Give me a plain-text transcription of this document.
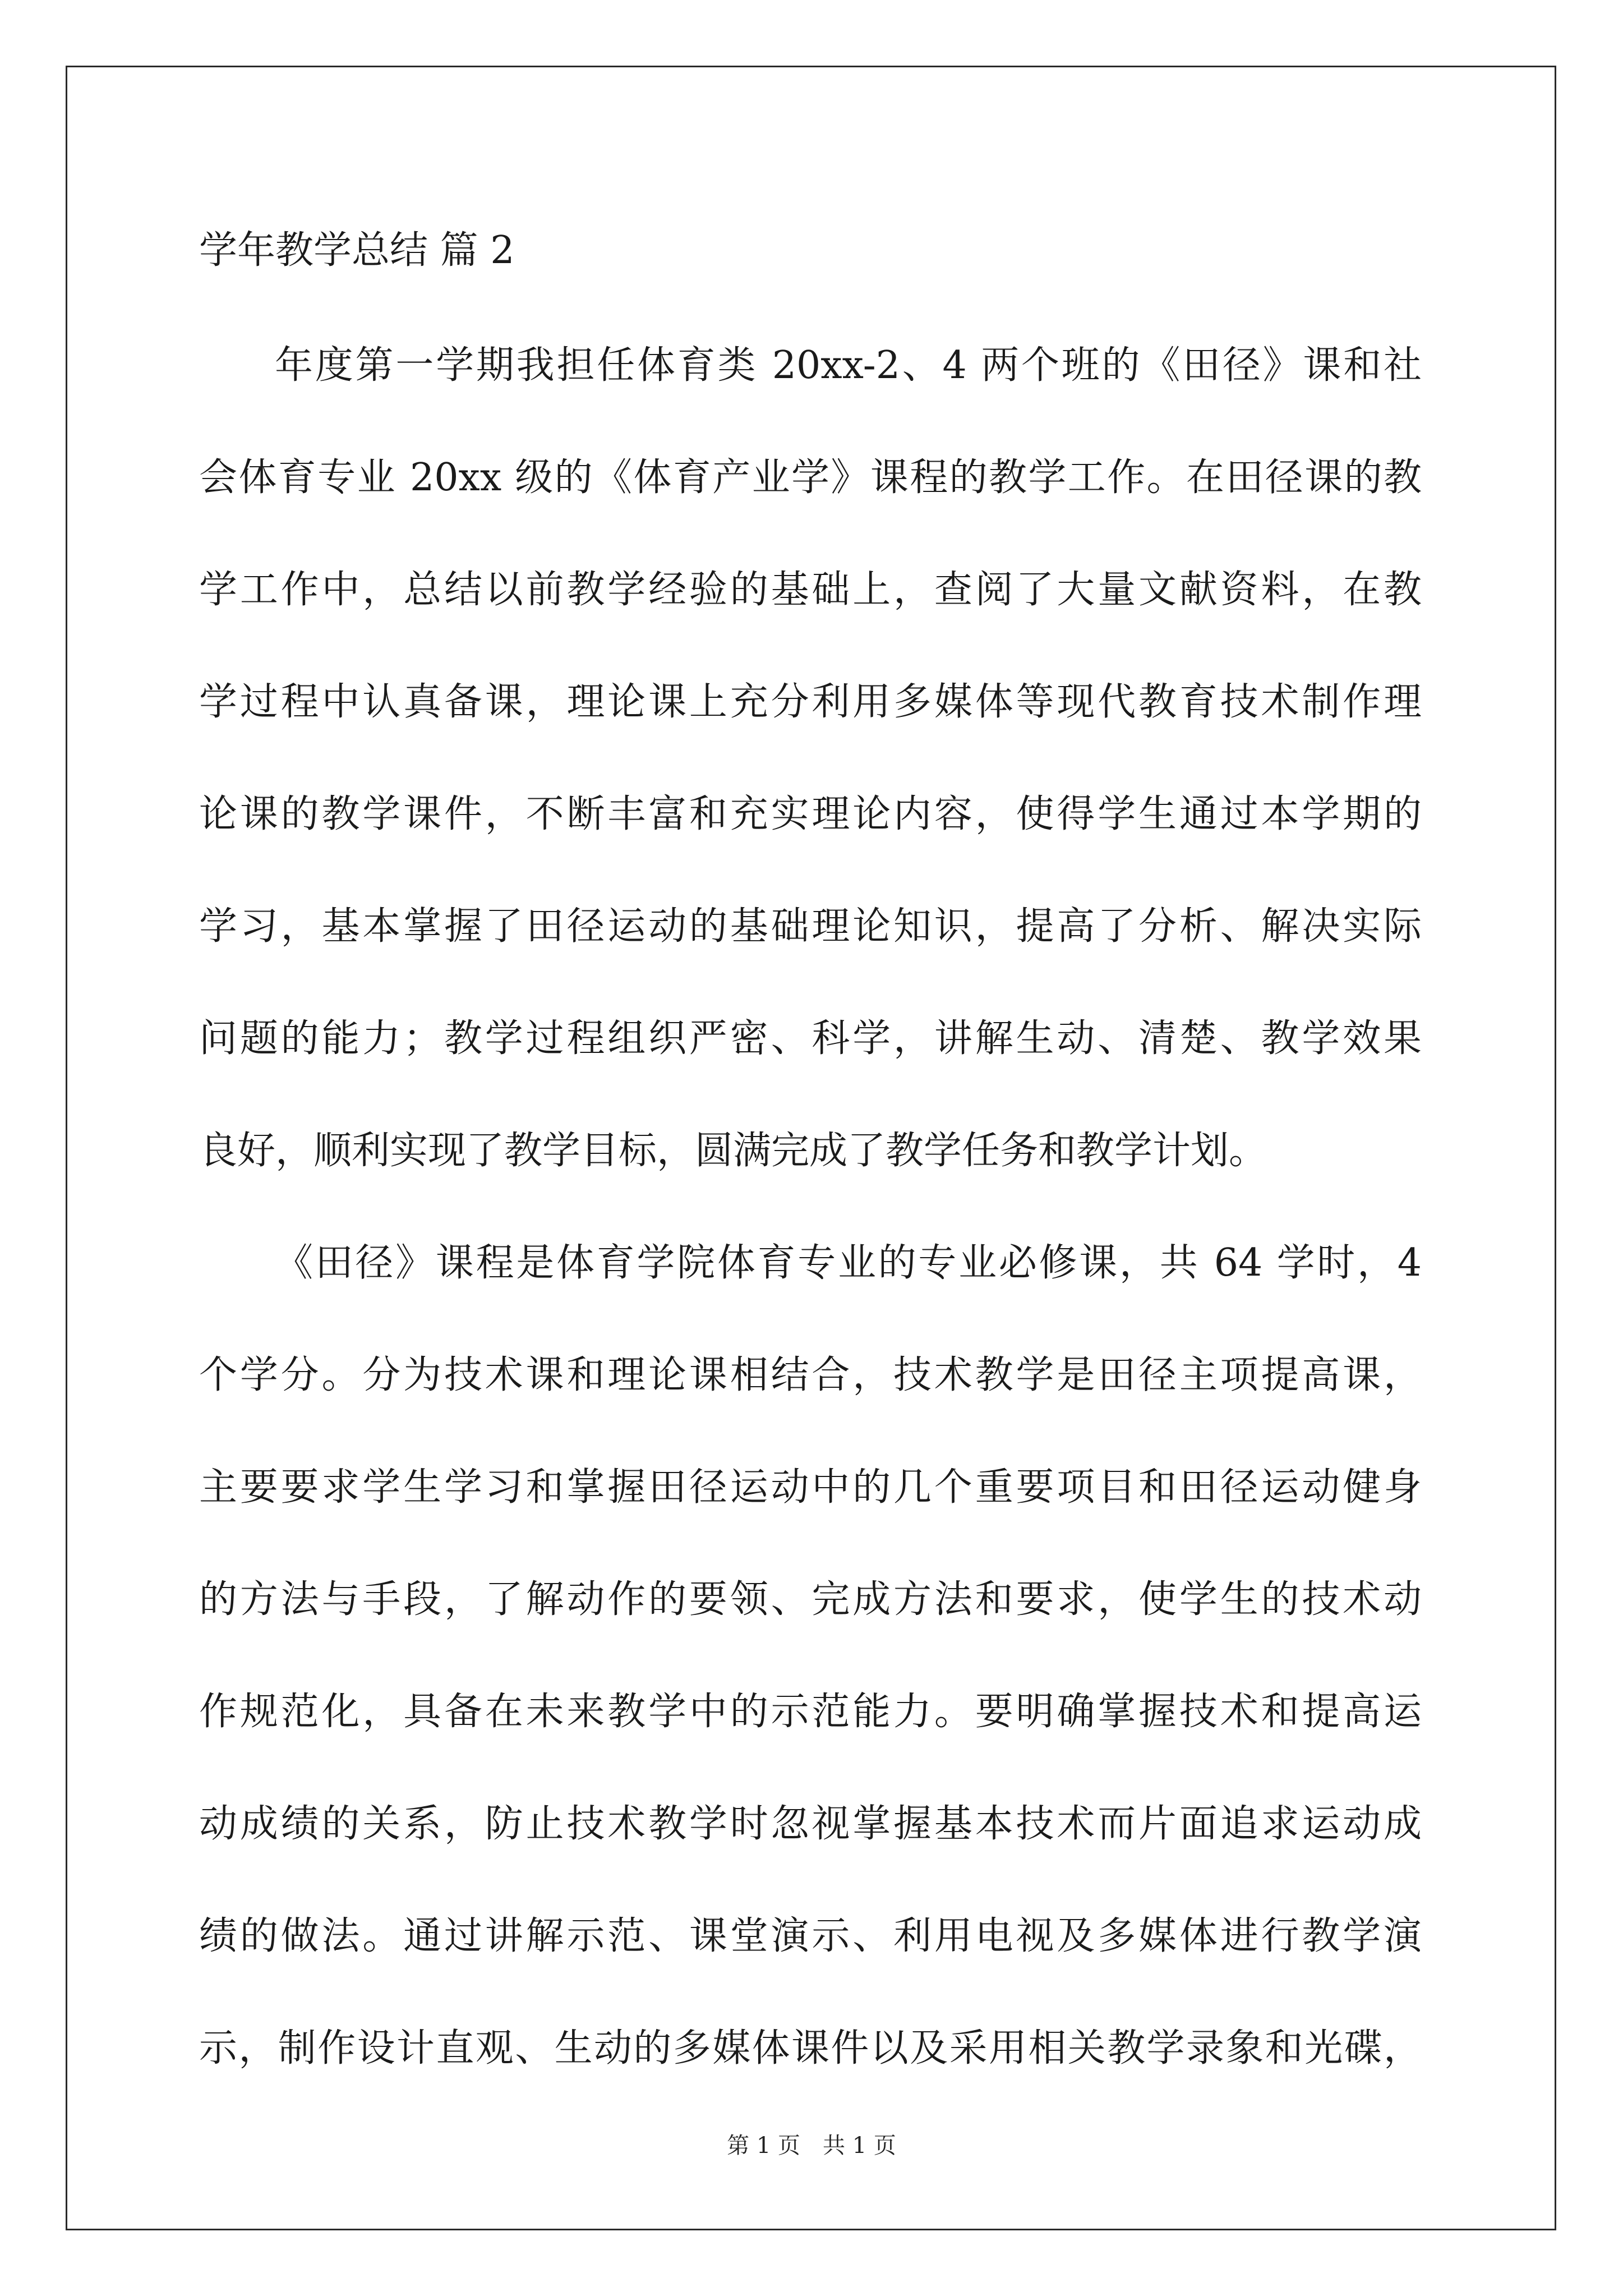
学年教学总结 篇 2

年度第一学期我担任体育类 20xx-2、4 两个班的《田径》课和社

会体育专业 20xx 级的《体育产业学》课程的教学工作。在田径课的教

学工作中，总结以前教学经验的基础上，查阅了大量文献资料，在教

学过程中认真备课，理论课上充分利用多媒体等现代教育技术制作理

论课的教学课件，不断丰富和充实理论内容，使得学生通过本学期的

学习，基本掌握了田径运动的基础理论知识，提高了分析、解决实际

问题的能力；教学过程组织严密、科学，讲解生动、清楚、教学效果

良好，顺利实现了教学目标，圆满完成了教学任务和教学计划。

《田径》课程是体育学院体育专业的专业必修课，共 64 学时，4

个学分。分为技术课和理论课相结合，技术教学是田径主项提高课，

主要要求学生学习和掌握田径运动中的几个重要项目和田径运动健身

的方法与手段，了解动作的要领、完成方法和要求，使学生的技术动

作规范化，具备在未来教学中的示范能力。要明确掌握技术和提高运

动成绩的关系，防止技术教学时忽视掌握基本技术而片面追求运动成

绩的做法。通过讲解示范、课堂演示、利用电视及多媒体进行教学演

示，制作设计直观、生动的多媒体课件以及采用相关教学录象和光碟，

第 1 页　共 1 页
